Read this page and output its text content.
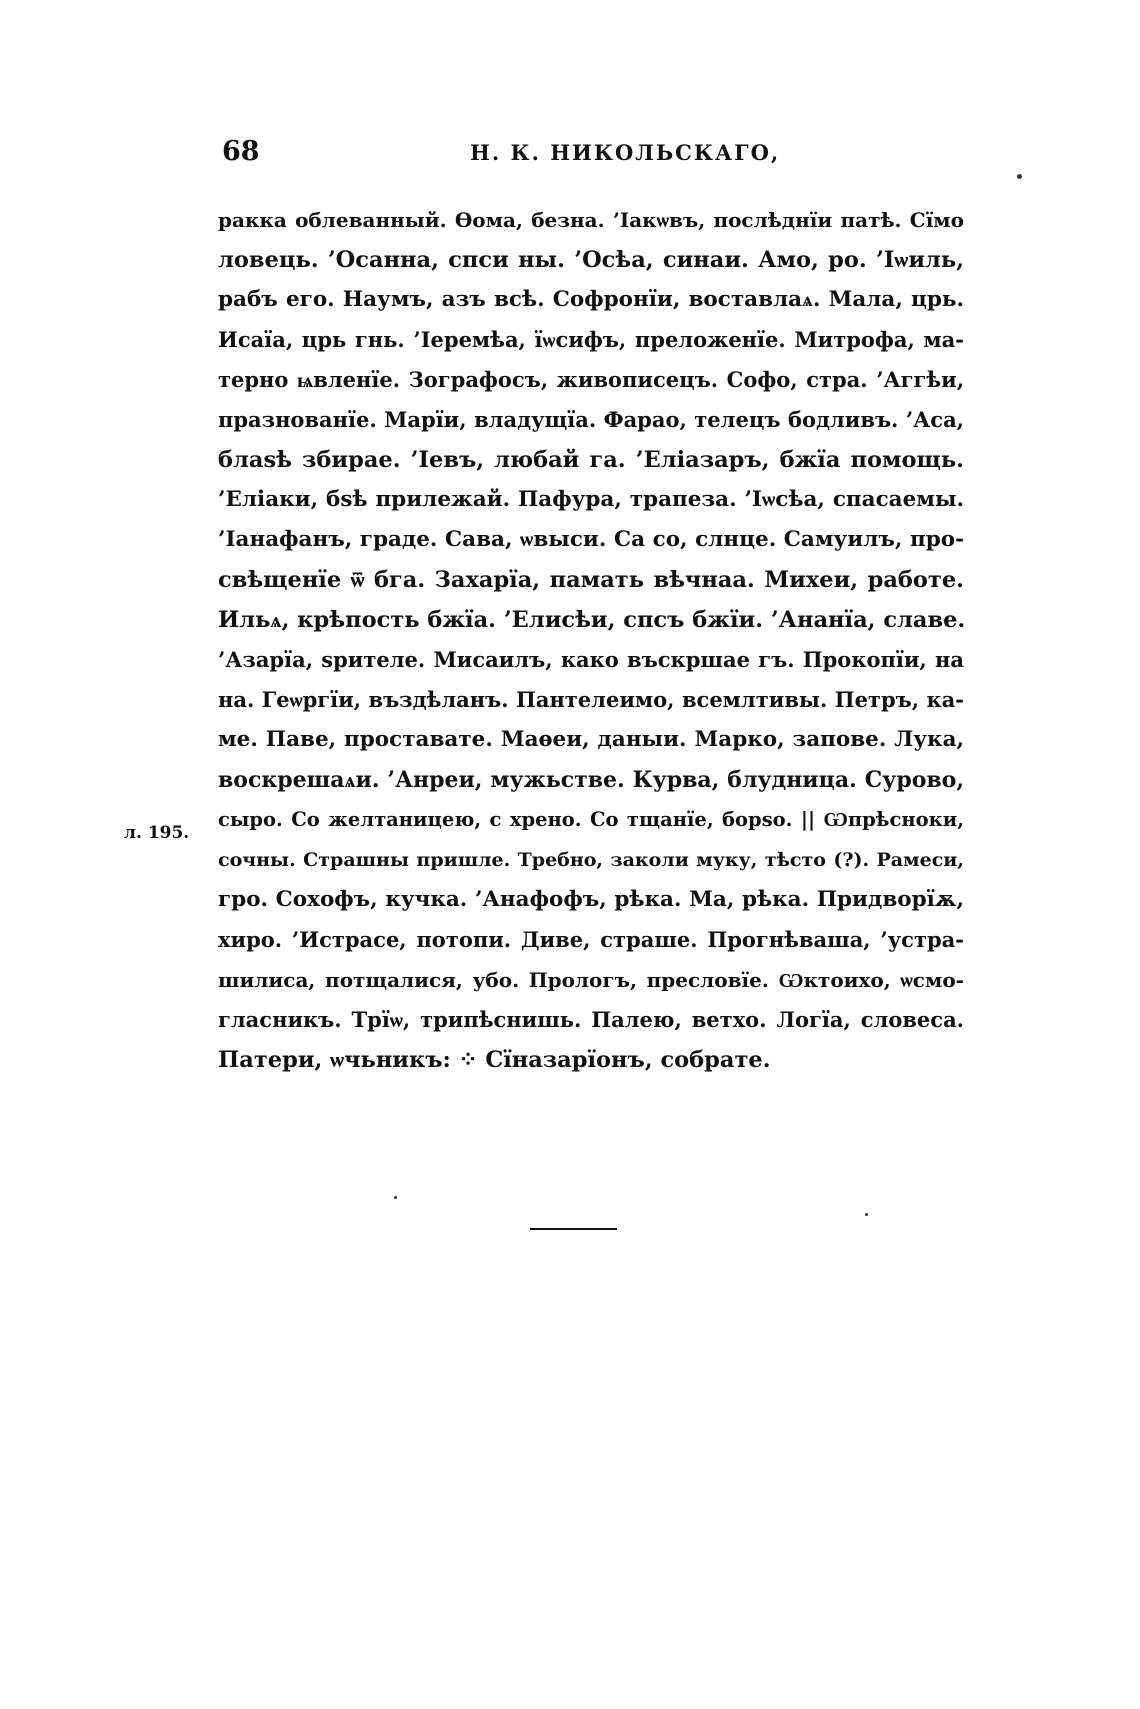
68	Н. К. НИКОЛЬСКАГО,
л. 195.
ракка облеванный. Ѳома, безна. ’Іакѡвъ, послѣднїи патѣ. Сїмо
ловець. ’Осанна, спси ны. ’Осѣа, синаи. Амо, ро. ’Іѡиль,
рабъ его. Наумъ, азъ всѣ. Софронїи, воставлаѧ. Мала, црь.
Исаїа, црь гнь. ’Іеремѣа, їѡсифъ, преложенїе. Митрофа, ма-
терно ѩвленїе. Зографосъ, живописецъ. Софо, стра. ’Аггѣи,
празнованїе. Марїи, владущїа. Фарао, телецъ бодливъ. ’Аса,
блаѕѣ збирае. ’Іевъ, любай га. ’Еліазаръ, бжїа помощь.
’Еліаки, бѕѣ прилежай. Пафура, трапеза. ’Іѡсѣа, спасаемы.
’Іанафанъ, граде. Сава, ѡвыси. Са со, слнце. Самуилъ, про-
свѣщенїе ѿ бга. Захарїа, памать вѣчнаа. Михеи, работе.
Ильѧ, крѣпость бжїа. ’Елисѣи, спсъ бжїи. ’Ананїа, славе.
’Азарїа, ѕрителе. Мисаилъ, како въскршае гъ. Прокопїи, на
на. Геѡргїи, въздѣланъ. Пантелеимо, всемлтивы. Петръ, ка-
ме. Паве, проставате. Маѳеи, даныи. Марко, запове. Лука,
воскрешаѧи. ’Анреи, мужьстве. Курва, блудница. Сурово,
сыро. Со желтаницею, с хрено. Со тщанїе, борѕо. || Ѡпрѣсноки,
сочны. Страшны пришле. Требно, заколи муку, тѣсто (?). Рамеси,
гро. Сохофъ, кучка. ’Анафофъ, рѣка. Ма, рѣка. Придворїѫ,
хиро. ’Истрасе, потопи. Диве, страше. Прогнѣваша, ’устра-
шилиса, потщалися, убо. Прологъ, пресловїе. Ѡктоихо, ѡсмо-
гласникъ. Трїѡ, трипѣснишь. Палею, ветхо. Логїа, словеса.
Патери, ѡчьникъ: ⁘ Сїназарїонъ, собрате.
